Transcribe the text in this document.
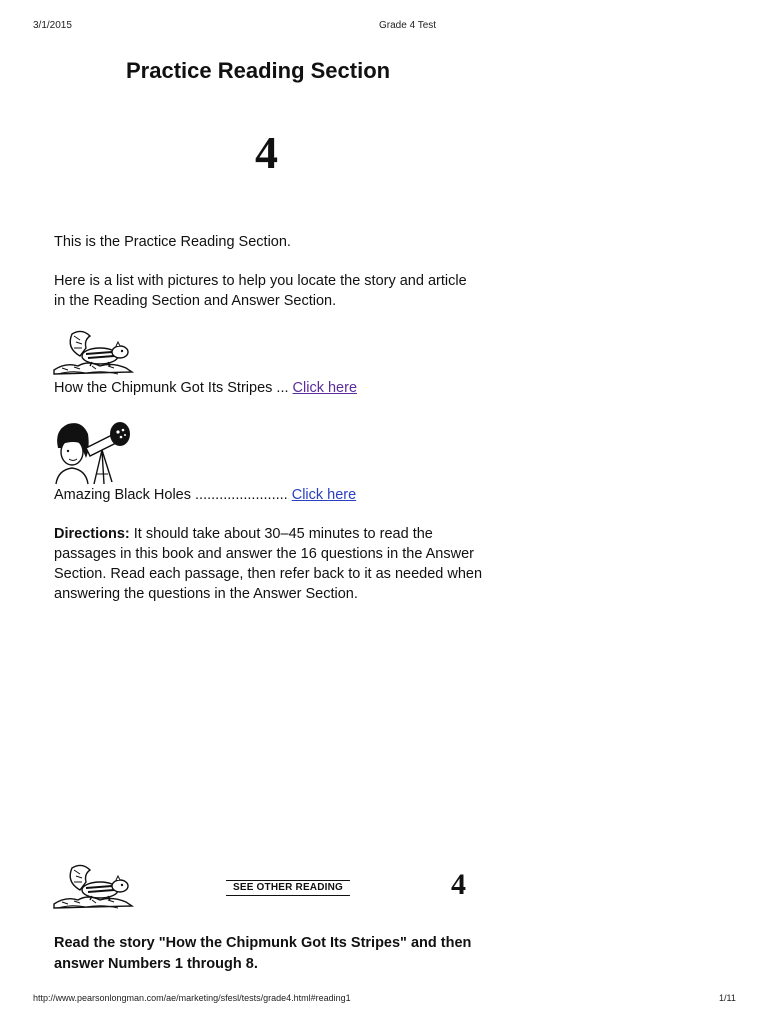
3/1/2015	Grade 4 Test
Practice Reading Section
4
This is the Practice Reading Section.
Here is a list with pictures to help you locate the story and article in the Reading Section and Answer Section.
How the Chipmunk Got Its Stripes ... Click here
Amazing Black Holes ....................... Click here
Directions: It should take about 30–45 minutes to read the passages in this book and answer the 16 questions in the Answer Section. Read each passage, then refer back to it as needed when answering the questions in the Answer Section.
SEE OTHER READING	4
Read the story "How the Chipmunk Got Its Stripes" and then answer Numbers 1 through 8.
http://www.pearsonlongman.com/ae/marketing/sfesl/tests/grade4.html#reading1	1/11
